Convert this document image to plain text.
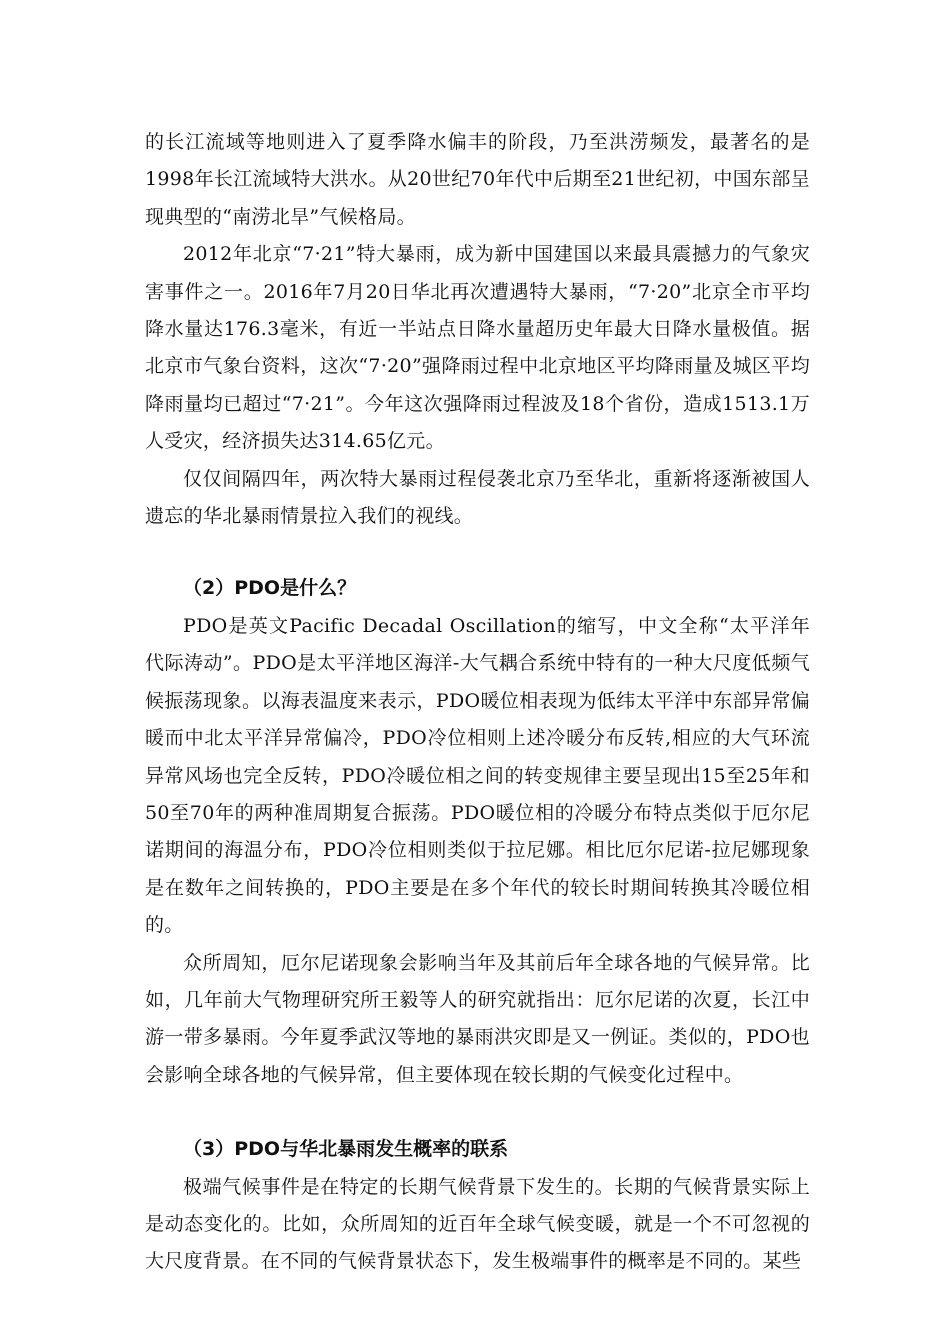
的长江流域等地则进入了夏季降水偏丰的阶段，乃至洪涝频发，最著名的是1998年长江流域特大洪水。从20世纪70年代中后期至21世纪初，中国东部呈现典型的“南涝北旱”气候格局。

2012年北京“7·21”特大暴雨，成为新中国建国以来最具震撼力的气象灾害事件之一。2016年7月20日华北再次遭遇特大暴雨，“7·20”北京全市平均降水量达176.3毫米，有近一半站点日降水量超历史年最大日降水量极值。据北京市气象台资料，这次“7·20”强降雨过程中北京地区平均降雨量及城区平均降雨量均已超过“7·21”。今年这次强降雨过程波及18个省份，造成1513.1万人受灾，经济损失达314.65亿元。

仅仅间隔四年，两次特大暴雨过程侵袭北京乃至华北，重新将逐渐被国人遗忘的华北暴雨情景拉入我们的视线。

（2）PDO是什么？

PDO是英文Pacific Decadal Oscillation的缩写，中文全称“太平洋年代际涛动”。PDO是太平洋地区海洋-大气耦合系统中特有的一种大尺度低频气候振荡现象。以海表温度来表示，PDO暖位相表现为低纬太平洋中东部异常偏暖而中北太平洋异常偏冷，PDO冷位相则上述冷暖分布反转,相应的大气环流异常风场也完全反转，PDO冷暖位相之间的转变规律主要呈现出15至25年和50至70年的两种准周期复合振荡。PDO暖位相的冷暖分布特点类似于厄尔尼诺期间的海温分布，PDO冷位相则类似于拉尼娜。相比厄尔尼诺-拉尼娜现象是在数年之间转换的，PDO主要是在多个年代的较长时期间转换其冷暖位相的。

众所周知，厄尔尼诺现象会影响当年及其前后年全球各地的气候异常。比如，几年前大气物理研究所王毅等人的研究就指出：厄尔尼诺的次夏，长江中游一带多暴雨。今年夏季武汉等地的暴雨洪灾即是又一例证。类似的，PDO也会影响全球各地的气候异常，但主要体现在较长期的气候变化过程中。

（3）PDO与华北暴雨发生概率的联系

极端气候事件是在特定的长期气候背景下发生的。长期的气候背景实际上是动态变化的。比如，众所周知的近百年全球气候变暖，就是一个不可忽视的大尺度背景。在不同的气候背景状态下，发生极端事件的概率是不同的。某些
